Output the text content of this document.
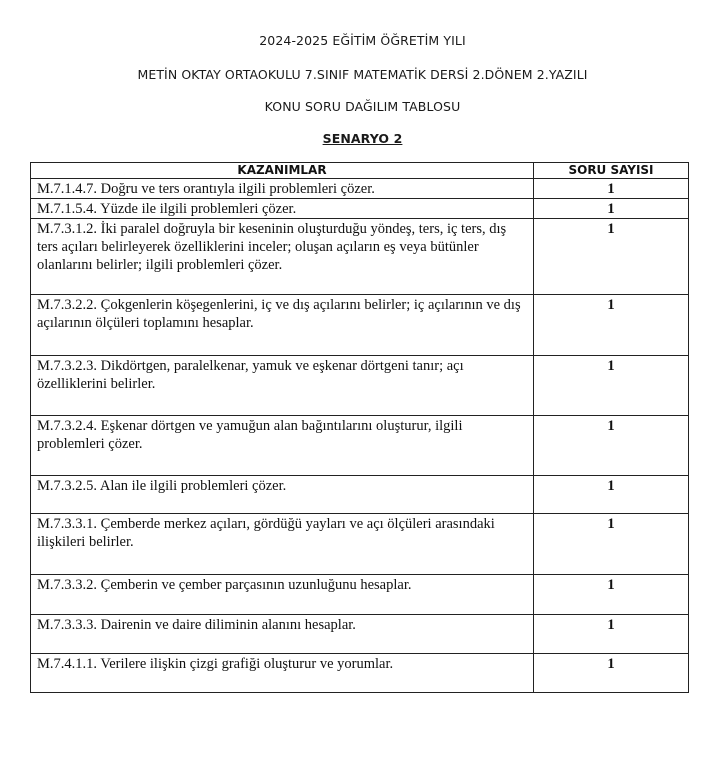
2024-2025 EĞİTİM ÖĞRETİM YILI
METİN OKTAY ORTAOKULU 7.SINIF MATEMATİK DERSİ 2.DÖNEM 2.YAZILI
KONU SORU DAĞILIM TABLOSU
SENARYO 2
KAZANIMLAR	SORU SAYISI
M.7.1.4.7. Doğru ve ters orantıyla ilgili problemleri çözer.	1
M.7.1.5.4. Yüzde ile ilgili problemleri çözer.	1
M.7.3.1.2. İki paralel doğruyla bir keseninin oluşturduğu yöndeş, ters, iç ters, dış ters açıları belirleyerek özelliklerini inceler; oluşan açıların eş veya bütünler olanlarını belirler; ilgili problemleri çözer.	1
M.7.3.2.2. Çokgenlerin köşegenlerini, iç ve dış açılarını belirler; iç açılarının ve dış açılarının ölçüleri toplamını hesaplar.	1
M.7.3.2.3. Dikdörtgen, paralelkenar, yamuk ve eşkenar dörtgeni tanır; açı özelliklerini belirler.	1
M.7.3.2.4. Eşkenar dörtgen ve yamuğun alan bağıntılarını oluşturur, ilgili problemleri çözer.	1
M.7.3.2.5. Alan ile ilgili problemleri çözer.	1
M.7.3.3.1. Çemberde merkez açıları, gördüğü yayları ve açı ölçüleri arasındaki ilişkileri belirler.	1
M.7.3.3.2. Çemberin ve çember parçasının uzunluğunu hesaplar.	1
M.7.3.3.3. Dairenin ve daire diliminin alanını hesaplar.	1
M.7.4.1.1. Verilere ilişkin çizgi grafiği oluşturur ve yorumlar.	1
